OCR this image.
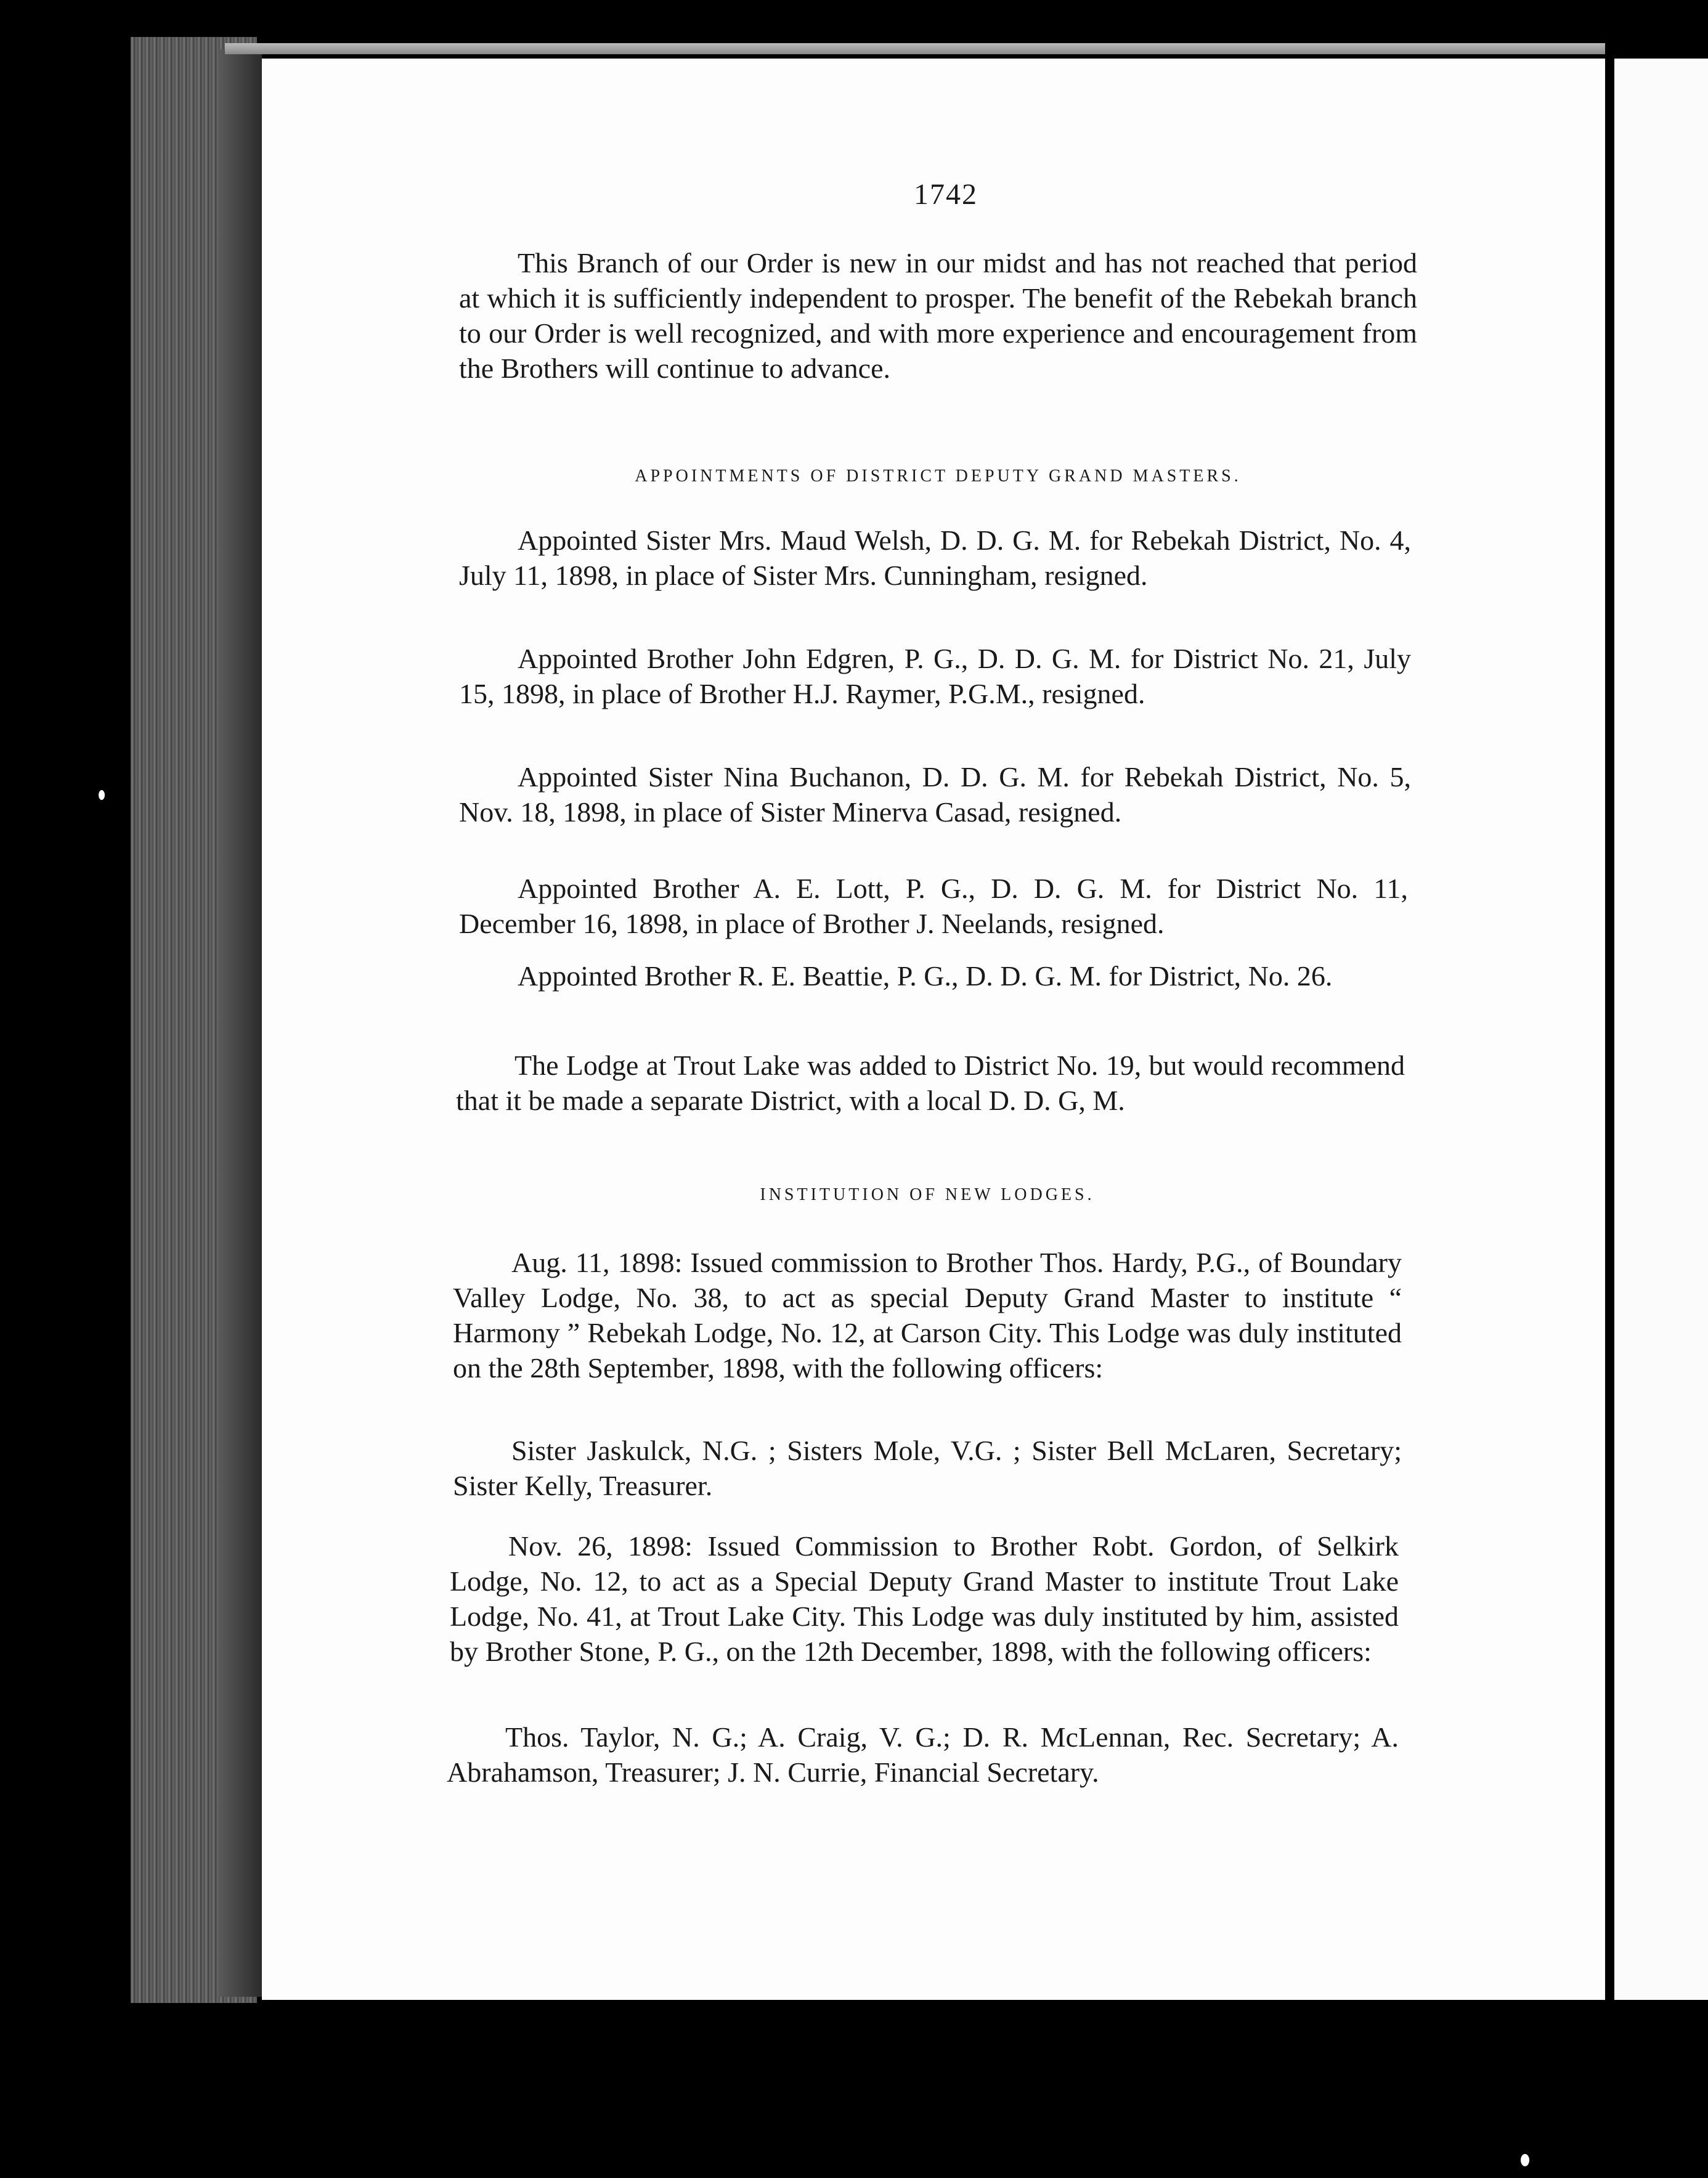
1742

This Branch of our Order is new in our midst and has not reached that period at which it is sufficiently independent to prosper. The benefit of the Rebekah branch to our Order is well recognized, and with more experience and encouragement from the Brothers will continue to advance.

APPOINTMENTS OF DISTRICT DEPUTY GRAND MASTERS.

Appointed Sister Mrs. Maud Welsh, D. D. G. M. for Rebekah District, No. 4, July 11, 1898, in place of Sister Mrs. Cunningham, resigned.

Appointed Brother John Edgren, P. G., D. D. G. M. for District No. 21, July 15, 1898, in place of Brother H.J. Raymer, P.G.M., resigned.

Appointed Sister Nina Buchanon, D. D. G. M. for Rebekah District, No. 5, Nov. 18, 1898, in place of Sister Minerva Casad, resigned.

Appointed Brother A. E. Lott, P. G., D. D. G. M. for District No. 11, December 16, 1898, in place of Brother J. Neelands, resigned.

Appointed Brother R. E. Beattie, P. G., D. D. G. M. for District, No. 26.

The Lodge at Trout Lake was added to District No. 19, but would recommend that it be made a separate District, with a local D. D. G, M.

INSTITUTION OF NEW LODGES.

Aug. 11, 1898: Issued commission to Brother Thos. Hardy, P.G., of Boundary Valley Lodge, No. 38, to act as special Deputy Grand Master to institute “ Harmony ” Rebekah Lodge, No. 12, at Carson City. This Lodge was duly instituted on the 28th September, 1898, with the following officers:

Sister Jaskulck, N.G. ; Sisters Mole, V.G. ; Sister Bell McLaren, Secretary; Sister Kelly, Treasurer.

Nov. 26, 1898: Issued Commission to Brother Robt. Gordon, of Selkirk Lodge, No. 12, to act as a Special Deputy Grand Master to institute Trout Lake Lodge, No. 41, at Trout Lake City. This Lodge was duly instituted by him, assisted by Brother Stone, P. G., on the 12th December, 1898, with the following officers:

Thos. Taylor, N. G.; A. Craig, V. G.; D. R. McLennan, Rec. Secretary; A. Abrahamson, Treasurer; J. N. Currie, Financial Secretary.
